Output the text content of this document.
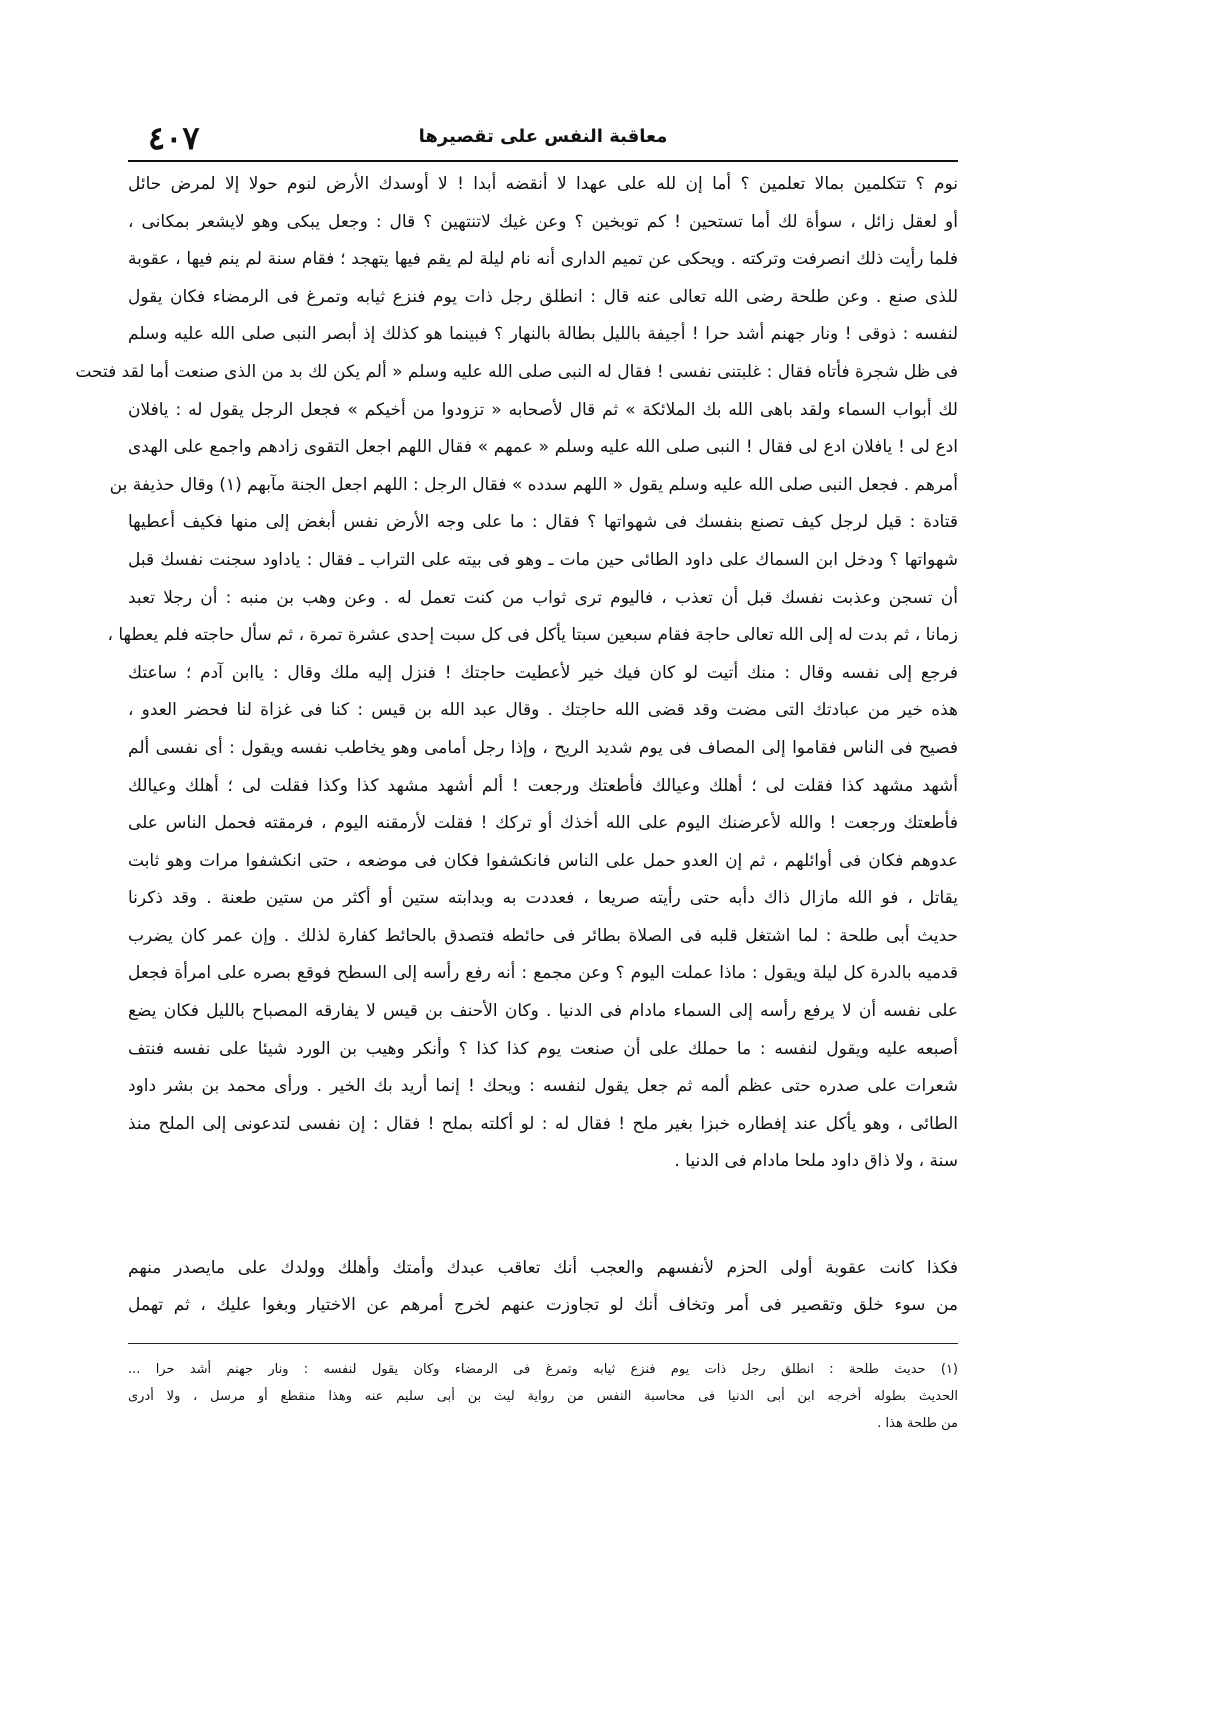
٤٠٧	معاقبة النفس على تقصيرها
نوم ؟ تتكلمين بمالا تعلمين ؟ أما إن لله على عهدا لا أنقضه أبدا ! لا أوسدك الأرض لنوم حولا إلا لمرض حائل
أو لعقل زائل ، سوأة لك أما تستحين ! كم توبخين ؟ وعن غيك لاتنتهين ؟ قال : وجعل يبكى وهو لايشعر بمكانى ،
فلما رأيت ذلك انصرفت وتركته . ويحكى عن تميم الدارى أنه نام ليلة لم يقم فيها يتهجد ؛ فقام سنة لم ينم فيها ، عقوبة
للذى صنع . وعن طلحة رضى الله تعالى عنه قال : انطلق رجل ذات يوم فنزع ثيابه وتمرغ فى الرمضاء فكان يقول
لنفسه : ذوقى ! ونار جهنم أشد حرا ! أجيفة بالليل بطالة بالنهار ؟ فبينما هو كذلك إذ أبصر النبى صلى الله عليه وسلم
فى ظل شجرة فأتاه فقال : غلبتنى نفسى ! فقال له النبى صلى الله عليه وسلم « ألم يكن لك بد من الذى صنعت أما لقد فتحت
لك أبواب السماء ولقد باهى الله بك الملائكة » ثم قال لأصحابه « تزودوا من أخيكم » فجعل الرجل يقول له : يافلان
ادع لى ! يافلان ادع لى فقال ! النبى صلى الله عليه وسلم « عمهم » فقال اللهم اجعل التقوى زادهم واجمع على الهدى
أمرهم . فجعل النبى صلى الله عليه وسلم يقول « اللهم سدده » فقال الرجل : اللهم اجعل الجنة مآبهم (١) وقال حذيفة بن
قتادة : قيل لرجل كيف تصنع بنفسك فى شهواتها ؟ فقال : ما على وجه الأرض نفس أبغض إلى منها فكيف أعطيها
شهواتها ؟ ودخل ابن السماك على داود الطائى حين مات ـ وهو فى بيته على التراب ـ فقال : ياداود سجنت نفسك قبل
أن تسجن وعذبت نفسك قبل أن تعذب ، فاليوم ترى ثواب من كنت تعمل له . وعن وهب بن منبه : أن رجلا تعبد
زمانا ، ثم بدت له إلى الله تعالى حاجة فقام سبعين سبتا يأكل فى كل سبت إحدى عشرة تمرة ، ثم سأل حاجته فلم يعطها ،
فرجع إلى نفسه وقال : منك أتيت لو كان فيك خير لأعطيت حاجتك ! فنزل إليه ملك وقال : ياابن آدم ؛ ساعتك
هذه خير من عبادتك التى مضت وقد قضى الله حاجتك . وقال عبد الله بن قيس : كنا فى غزاة لنا فحضر العدو ،
فصيح فى الناس فقاموا إلى المصاف فى يوم شديد الريح ، وإذا رجل أمامى وهو يخاطب نفسه ويقول : أى نفسى ألم
أشهد مشهد كذا فقلت لى ؛ أهلك وعيالك فأطعتك ورجعت ! ألم أشهد مشهد كذا وكذا فقلت لى ؛ أهلك وعيالك
فأطعتك ورجعت ! والله لأعرضنك اليوم على الله أخذك أو تركك ! فقلت لأرمقنه اليوم ، فرمقته فحمل الناس على
عدوهم فكان فى أوائلهم ، ثم إن العدو حمل على الناس فانكشفوا فكان فى موضعه ، حتى انكشفوا مرات وهو ثابت
يقاتل ، فو الله مازال ذاك دأبه حتى رأيته صريعا ، فعددت به وبدابته ستين أو أكثر من ستين طعنة . وقد ذكرنا
حديث أبى طلحة : لما اشتغل قلبه فى الصلاة بطائر فى حائطه فتصدق بالحائط كفارة لذلك . وإن عمر كان يضرب
قدميه بالدرة كل ليلة ويقول : ماذا عملت اليوم ؟ وعن مجمع : أنه رفع رأسه إلى السطح فوقع بصره على امرأة فجعل
على نفسه أن لا يرفع رأسه إلى السماء مادام فى الدنيا . وكان الأحنف بن قيس لا يفارقه المصباح بالليل فكان يضع
أصبعه عليه ويقول لنفسه : ما حملك على أن صنعت يوم كذا كذا ؟ وأنكر وهيب بن الورد شيئا على نفسه فنتف
شعرات على صدره حتى عظم ألمه ثم جعل يقول لنفسه : ويحك ! إنما أريد بك الخير . ورأى محمد بن بشر داود
الطائى ، وهو يأكل عند إفطاره خبزا بغير ملح ! فقال له : لو أكلته بملح ! فقال : إن نفسى لتدعونى إلى الملح منذ
سنة ، ولا ذاق داود ملحا مادام فى الدنيا .
فكذا كانت عقوبة أولى الحزم لأنفسهم والعجب أنك تعاقب عبدك وأمتك وأهلك وولدك على مايصدر منهم
من سوء خلق وتقصير فى أمر وتخاف أنك لو تجاوزت عنهم لخرج أمرهم عن الاختيار وبغوا عليك ، ثم تهمل
(١) حديث طلحة : انطلق رجل ذات يوم فنزع ثيابه وتمرغ فى الرمضاء وكان يقول لنفسه : ونار جهنم أشد حرا ...
الحديث بطوله أخرجه ابن أبى الدنيا فى محاسبة النفس من رواية ليث بن أبى سليم عنه وهذا منقطع أو مرسل ، ولا أدرى
من طلحة هذا .
